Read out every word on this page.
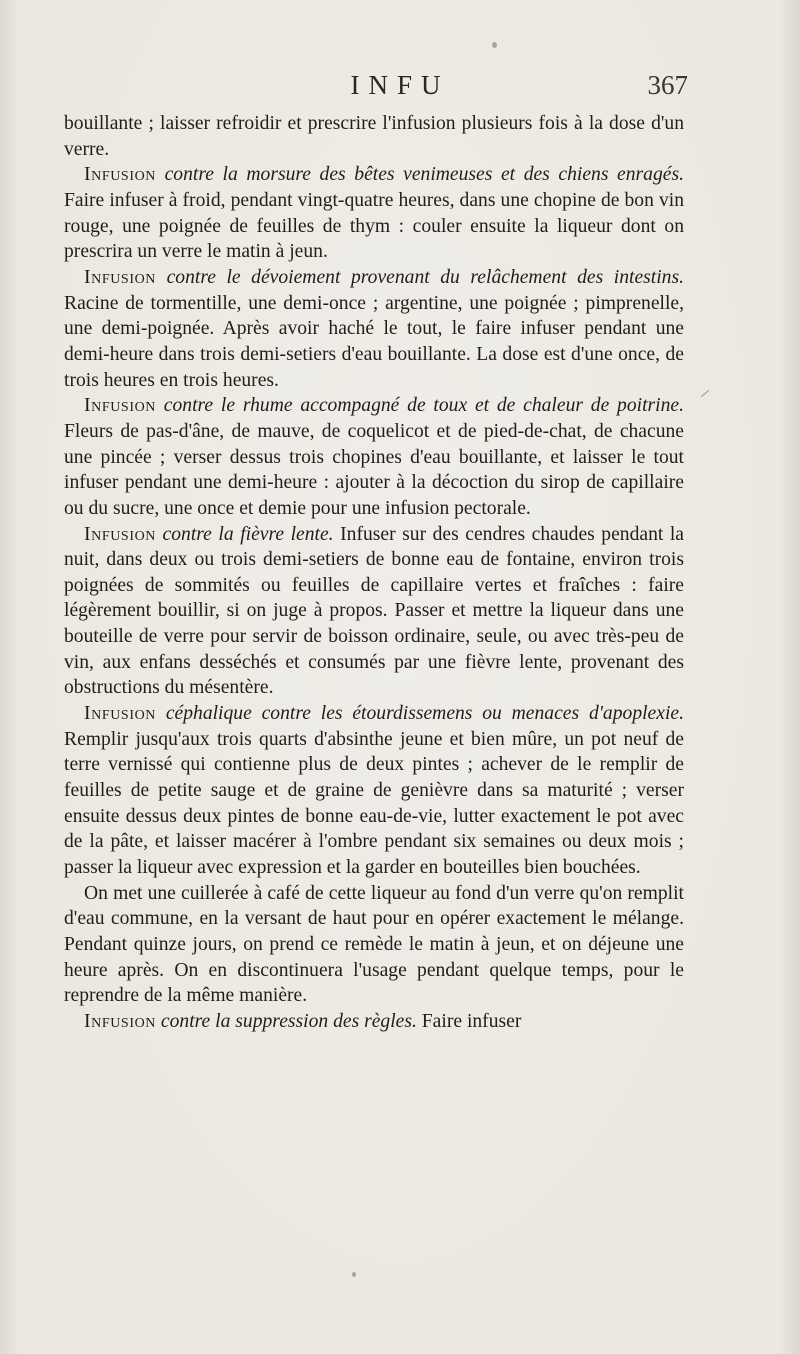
INFU	367

bouillante ; laisser refroidir et prescrire l'infusion plusieurs fois à la dose d'un verre.

Infusion contre la morsure des bêtes venimeuses et des chiens enragés. Faire infuser à froid, pendant vingt-quatre heures, dans une chopine de bon vin rouge, une poignée de feuilles de thym : couler ensuite la liqueur dont on prescrira un verre le matin à jeun.

Infusion contre le dévoiement provenant du relâchement des intestins. Racine de tormentille, une demi-once ; argentine, une poignée ; pimprenelle, une demi-poignée. Après avoir haché le tout, le faire infuser pendant une demi-heure dans trois demi-setiers d'eau bouillante. La dose est d'une once, de trois heures en trois heures.

Infusion contre le rhume accompagné de toux et de chaleur de poitrine. Fleurs de pas-d'âne, de mauve, de coquelicot et de pied-de-chat, de chacune une pincée ; verser dessus trois chopines d'eau bouillante, et laisser le tout infuser pendant une demi-heure : ajouter à la décoction du sirop de capillaire ou du sucre, une once et demie pour une infusion pectorale.

Infusion contre la fièvre lente. Infuser sur des cendres chaudes pendant la nuit, dans deux ou trois demi-setiers de bonne eau de fontaine, environ trois poignées de sommités ou feuilles de capillaire vertes et fraîches : faire légèrement bouillir, si on juge à propos. Passer et mettre la liqueur dans une bouteille de verre pour servir de boisson ordinaire, seule, ou avec très-peu de vin, aux enfans desséchés et consumés par une fièvre lente, provenant des obstructions du mésentère.

Infusion céphalique contre les étourdissemens ou menaces d'apoplexie. Remplir jusqu'aux trois quarts d'absinthe jeune et bien mûre, un pot neuf de terre vernissé qui contienne plus de deux pintes ; achever de le remplir de feuilles de petite sauge et de graine de genièvre dans sa maturité ; verser ensuite dessus deux pintes de bonne eau-de-vie, lutter exactement le pot avec de la pâte, et laisser macérer à l'ombre pendant six semaines ou deux mois ; passer la liqueur avec expression et la garder en bouteilles bien bouchées.

On met une cuillerée à café de cette liqueur au fond d'un verre qu'on remplit d'eau commune, en la versant de haut pour en opérer exactement le mélange. Pendant quinze jours, on prend ce remède le matin à jeun, et on déjeune une heure après. On en discontinuera l'usage pendant quelque temps, pour le reprendre de la même manière.

Infusion contre la suppression des règles. Faire infuser
